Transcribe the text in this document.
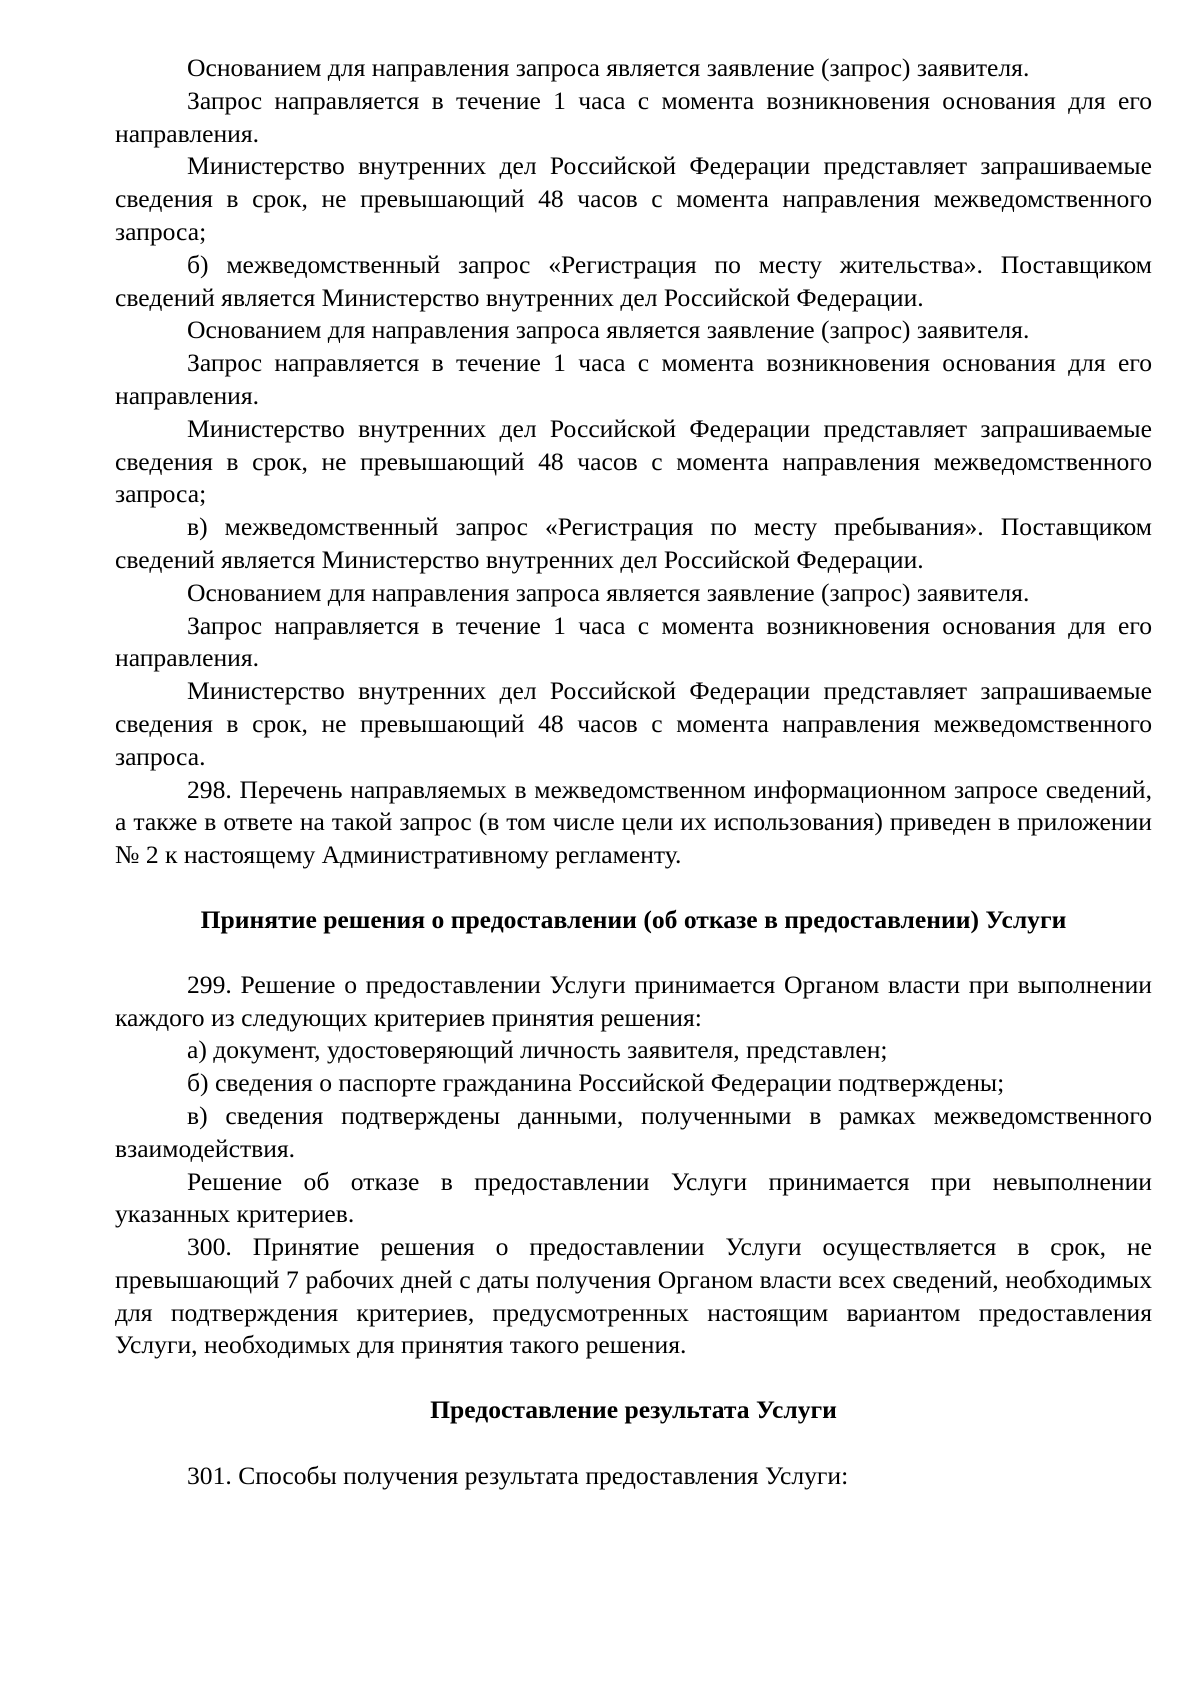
Основанием для направления запроса является заявление (запрос) заявителя.

Запрос направляется в течение 1 часа с момента возникновения основания для его направления.

Министерство внутренних дел Российской Федерации представляет запрашиваемые сведения в срок, не превышающий 48 часов с момента направления межведомственного запроса;

б) межведомственный запрос «Регистрация по месту жительства». Поставщиком сведений является Министерство внутренних дел Российской Федерации.

Основанием для направления запроса является заявление (запрос) заявителя.

Запрос направляется в течение 1 часа с момента возникновения основания для его направления.

Министерство внутренних дел Российской Федерации представляет запрашиваемые сведения в срок, не превышающий 48 часов с момента направления межведомственного запроса;

в) межведомственный запрос «Регистрация по месту пребывания». Поставщиком сведений является Министерство внутренних дел Российской Федерации.

Основанием для направления запроса является заявление (запрос) заявителя.

Запрос направляется в течение 1 часа с момента возникновения основания для его направления.

Министерство внутренних дел Российской Федерации представляет запрашиваемые сведения в срок, не превышающий 48 часов с момента направления межведомственного запроса.

298. Перечень направляемых в межведомственном информационном запросе сведений, а также в ответе на такой запрос (в том числе цели их использования) приведен в приложении № 2 к настоящему Административному регламенту.

Принятие решения о предоставлении (об отказе в предоставлении) Услуги

299. Решение о предоставлении Услуги принимается Органом власти при выполнении каждого из следующих критериев принятия решения:

а) документ, удостоверяющий личность заявителя, представлен;

б) сведения о паспорте гражданина Российской Федерации подтверждены;

в) сведения подтверждены данными, полученными в рамках межведомственного взаимодействия.

Решение об отказе в предоставлении Услуги принимается при невыполнении указанных критериев.

300. Принятие решения о предоставлении Услуги осуществляется в срок, не превышающий 7 рабочих дней с даты получения Органом власти всех сведений, необходимых для подтверждения критериев, предусмотренных настоящим вариантом предоставления Услуги, необходимых для принятия такого решения.

Предоставление результата Услуги

301. Способы получения результата предоставления Услуги:
